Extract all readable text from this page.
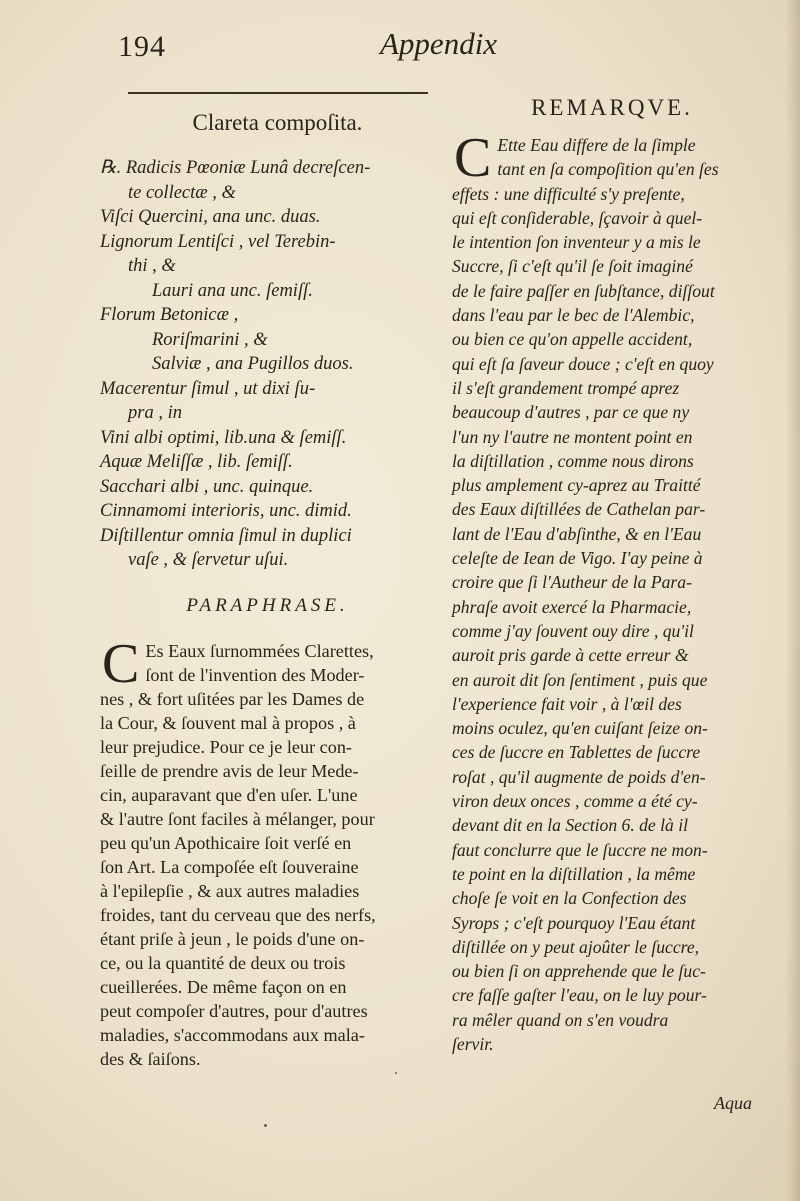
194	Appendix
Clareta compoſita.
℞. Radicis Pœoniæ Lunâ decreſcen-
te collectæ , &
Viſci Quercini, ana unc. duas.
Lignorum Lentiſci , vel Terebin-
thi , &
Lauri ana unc. ſemiſſ.
Florum Betonicæ ,
Roriſmarini , &
Salviæ , ana Pugillos duos.
Macerentur ſimul , ut dixi ſu-
pra , in
Vini albi optimi, lib.una & ſemiſſ.
Aquæ Meliſſæ , lib. ſemiſſ.
Sacchari albi , unc. quinque.
Cinnamomi interioris, unc. dimid.
Diſtillentur omnia ſimul in duplici
vaſe , & ſervetur uſui.
PARAPHRASE.
C Es Eaux ſurnommées Clarettes,
ſont de l'invention des Moder-
nes , & fort uſitées par les Dames de
la Cour, & ſouvent mal à propos , à
leur prejudice. Pour ce je leur con-
ſeille de prendre avis de leur Mede-
cin, auparavant que d'en uſer. L'une
& l'autre ſont faciles à mélanger, pour
peu qu'un Apothicaire ſoit verſé en
ſon Art. La compoſée eſt ſouveraine
à l'epilepſie , & aux autres maladies
froides, tant du cerveau que des nerfs,
étant priſe à jeun , le poids d'une on-
ce, ou la quantité de deux ou trois
cueillerées. De même façon on en
peut compoſer d'autres, pour d'autres
maladies, s'accommodans aux mala-
des & ſaiſons.
REMARQVE.
C Ette Eau differe de la ſimple
tant en ſa compoſition qu'en ſes
effets : une difficulté s'y preſente,
qui eſt conſiderable, ſçavoir à quel-
le intention ſon inventeur y a mis le
Succre, ſi c'eſt qu'il ſe ſoit imaginé
de le faire paſſer en ſubſtance, diſſout
dans l'eau par le bec de l'Alembic,
ou bien ce qu'on appelle accident,
qui eſt ſa ſaveur douce ; c'eſt en quoy
il s'eſt grandement trompé aprez
beaucoup d'autres , par ce que ny
l'un ny l'autre ne montent point en
la diſtillation , comme nous dirons
plus amplement cy-aprez au Traitté
des Eaux diſtillées de Cathelan par-
lant de l'Eau d'abſinthe, & en l'Eau
celeſte de Iean de Vigo. I'ay peine à
croire que ſi l'Autheur de la Para-
phraſe avoit exercé la Pharmacie,
comme j'ay ſouvent ouy dire , qu'il
auroit pris garde à cette erreur &
en auroit dit ſon ſentiment , puis que
l'experience fait voir , à l'œil des
moins oculez, qu'en cuiſant ſeize on-
ces de ſuccre en Tablettes de ſuccre
roſat , qu'il augmente de poids d'en-
viron deux onces , comme a été cy-
devant dit en la Section 6. de là il
faut conclurre que le ſuccre ne mon-
te point en la diſtillation , la même
choſe ſe voit en la Confection des
Syrops ; c'eſt pourquoy l'Eau étant
diſtillée on y peut ajoûter le ſuccre,
ou bien ſi on apprehende que le ſuc-
cre faſſe gaſter l'eau, on le luy pour-
ra mêler quand on s'en voudra
ſervir.
Aqua
